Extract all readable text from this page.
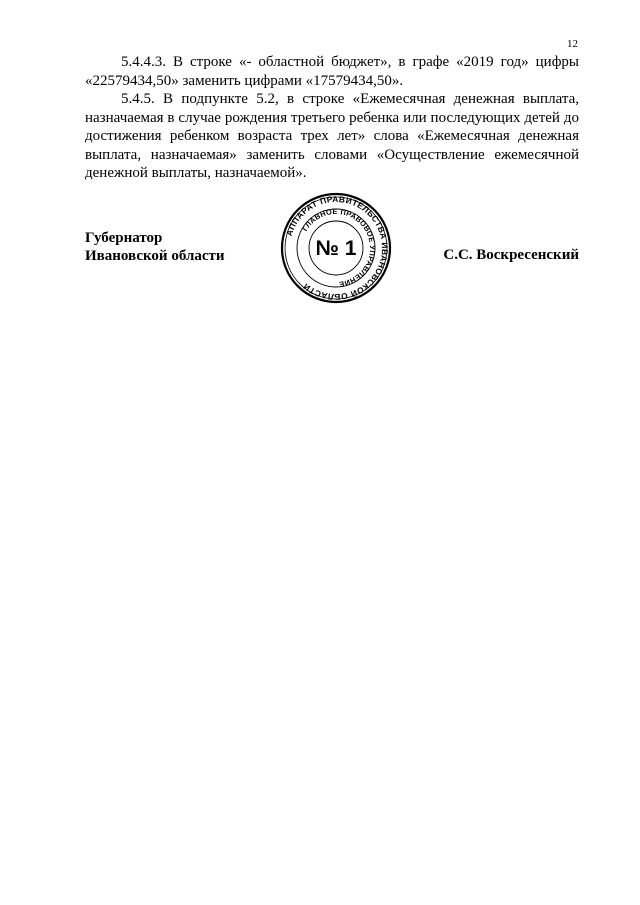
12

5.4.4.3. В строке «- областной бюджет», в графе «2019 год» цифры «22579434,50» заменить цифрами «17579434,50».

5.4.5. В подпункте 5.2, в строке «Ежемесячная денежная выплата, назначаемая в случае рождения третьего ребенка или последующих детей до достижения ребенком возраста трех лет» слова «Ежемесячная денежная выплата, назначаемая» заменить словами «Осуществление ежемесячной денежной выплаты, назначаемой».

Губернатор
Ивановской области
АППАРАТ ПРАВИТЕЛЬСТВА ИВАНОВСКОЙ ОБЛАСТИ
ГЛАВНОЕ ПРАВОВОЕ УПРАВЛЕНИЕ
№ 1	С.С. Воскресенский
